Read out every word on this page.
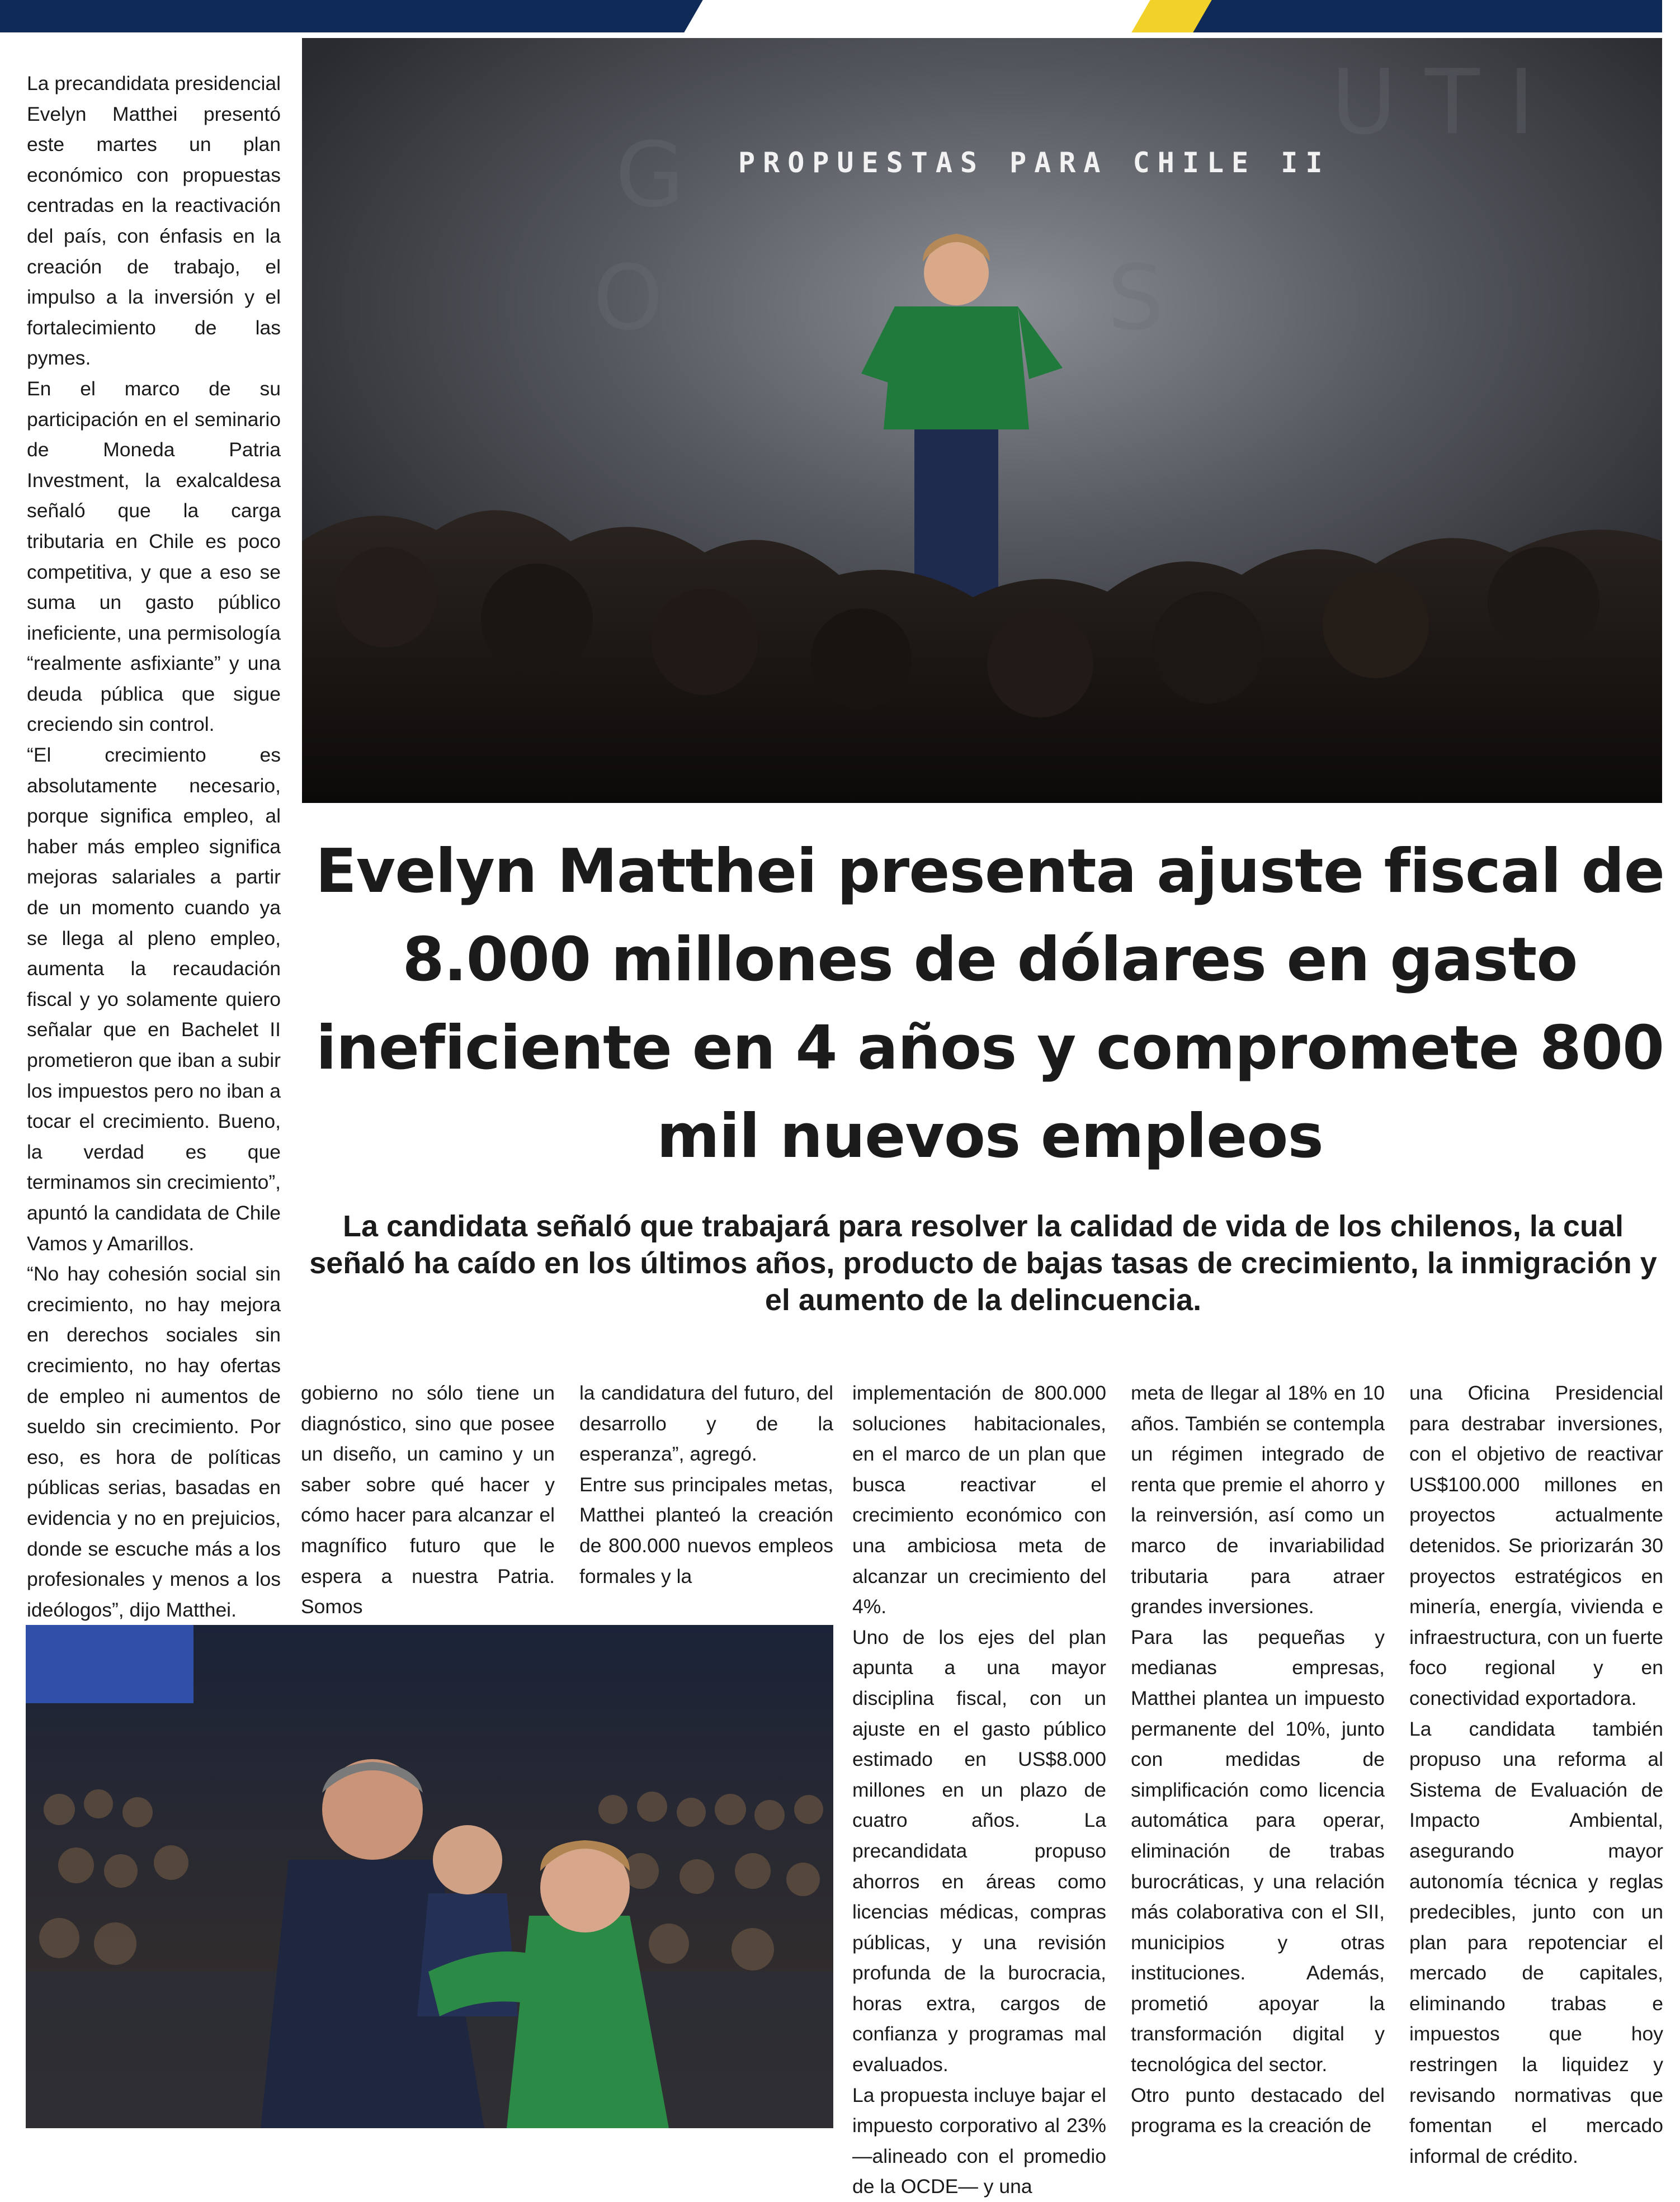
G
O	S
U T I
PROPUESTAS PARA CHILE II

La precandidata presidencial Evelyn Matthei presentó este martes un plan económico con propuestas centradas en la reactivación del país, con énfasis en la creación de trabajo, el impulso a la inversión y el fortalecimiento de las pymes.

En el marco de su participación en el seminario de Moneda Patria Investment, la exalcaldesa señaló que la carga tributaria en Chile es poco competitiva, y que a eso se suma un gasto público ineficiente, una permisología “realmente asfixiante” y una deuda pública que sigue creciendo sin control.

“El crecimiento es absolutamente necesario, porque significa empleo, al haber más empleo significa mejoras salariales a partir de un momento cuando ya se llega al pleno empleo, aumenta la recaudación fiscal y yo solamente quiero señalar que en Bachelet II prometieron que iban a subir los impuestos pero no iban a tocar el crecimiento. Bueno, la verdad es que terminamos sin crecimiento”, apuntó la candidata de Chile Vamos y Amarillos.

“No hay cohesión social sin crecimiento, no hay mejora en derechos sociales sin crecimiento, no hay ofertas de empleo ni aumentos de sueldo sin crecimiento. Por eso, es hora de políticas públicas serias, basadas en evidencia y no en prejuicios, donde se escuche más a los profesionales y menos a los ideólogos”, dijo Matthei.

Evelyn Matthei presenta ajuste fiscal de 8.000 millones de dólares en gasto ineficiente en 4 años y compromete 800 mil nuevos empleos
La candidata señaló que trabajará para resolver la calidad de vida de los chilenos, la cual señaló ha caído en los últimos años, producto de bajas tasas de crecimiento, la inmigración y el aumento de la delincuencia.

gobierno no sólo tiene un diagnóstico, sino que posee un diseño, un camino y un saber sobre qué hacer y cómo hacer para alcanzar el magnífico futuro que le espera a nuestra Patria. Somos

la candidatura del futuro, del desarrollo y de la esperanza”, agregó.

Entre sus principales metas, Matthei planteó la creación de 800.000 nuevos empleos formales y la

implementación de 800.000 soluciones habitacionales, en el marco de un plan que busca reactivar el crecimiento económico con una ambiciosa meta de alcanzar un crecimiento del 4%.

Uno de los ejes del plan apunta a una mayor disciplina fiscal, con un ajuste en el gasto público estimado en US$8.000 millones en un plazo de cuatro años. La precandidata propuso ahorros en áreas como licencias médicas, compras públicas, y una revisión profunda de la burocracia, horas extra, cargos de confianza y programas mal evaluados.

La propuesta incluye bajar el impuesto corporativo al 23% —alineado con el promedio de la OCDE— y una

meta de llegar al 18% en 10 años. También se contempla un régimen integrado de renta que premie el ahorro y la reinversión, así como un marco de invariabilidad tributaria para atraer grandes inversiones.

Para las pequeñas y medianas empresas, Matthei plantea un impuesto permanente del 10%, junto con medidas de simplificación como licencia automática para operar, eliminación de trabas burocráticas, y una relación más colaborativa con el SII, municipios y otras instituciones. Además, prometió apoyar la transformación digital y tecnológica del sector.

Otro punto destacado del programa es la creación de

una Oficina Presidencial para destrabar inversiones, con el objetivo de reactivar US$100.000 millones en proyectos actualmente detenidos. Se priorizarán 30 proyectos estratégicos en minería, energía, vivienda e infraestructura, con un fuerte foco regional y en conectividad exportadora.

La candidata también propuso una reforma al Sistema de Evaluación de Impacto Ambiental, asegurando mayor autonomía técnica y reglas predecibles, junto con un plan para repotenciar el mercado de capitales, eliminando trabas e impuestos que hoy restringen la liquidez y revisando normativas que fomentan el mercado informal de crédito.
